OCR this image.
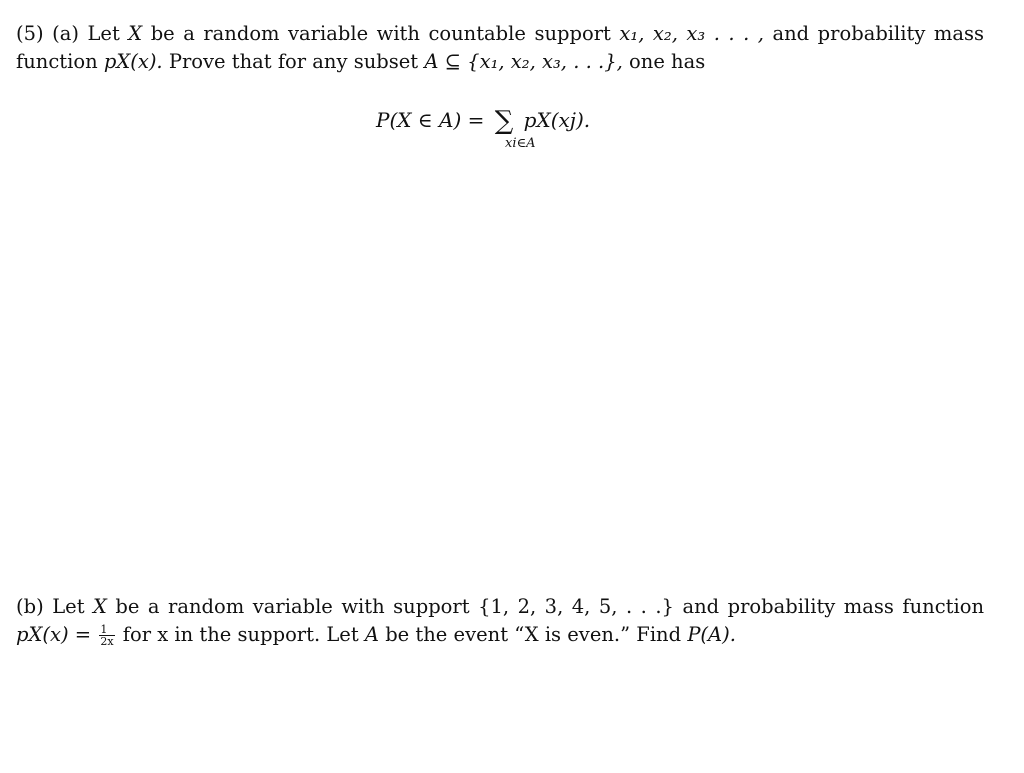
(5) (a) Let X be a random variable with countable support x₁, x₂, x₃ . . . , and probability mass function pX(x). Prove that for any subset A ⊆ {x₁, x₂, x₃, . . .}, one has
P(X ∈ A) = ∑ pX(xj).
xi∈A
(b) Let X be a random variable with support {1, 2, 3, 4, 5, . . .} and probability mass function $pX(x) = \frac{1}{2x}$ for x in the support. Let A be the event “X is even.” Find P(A).
